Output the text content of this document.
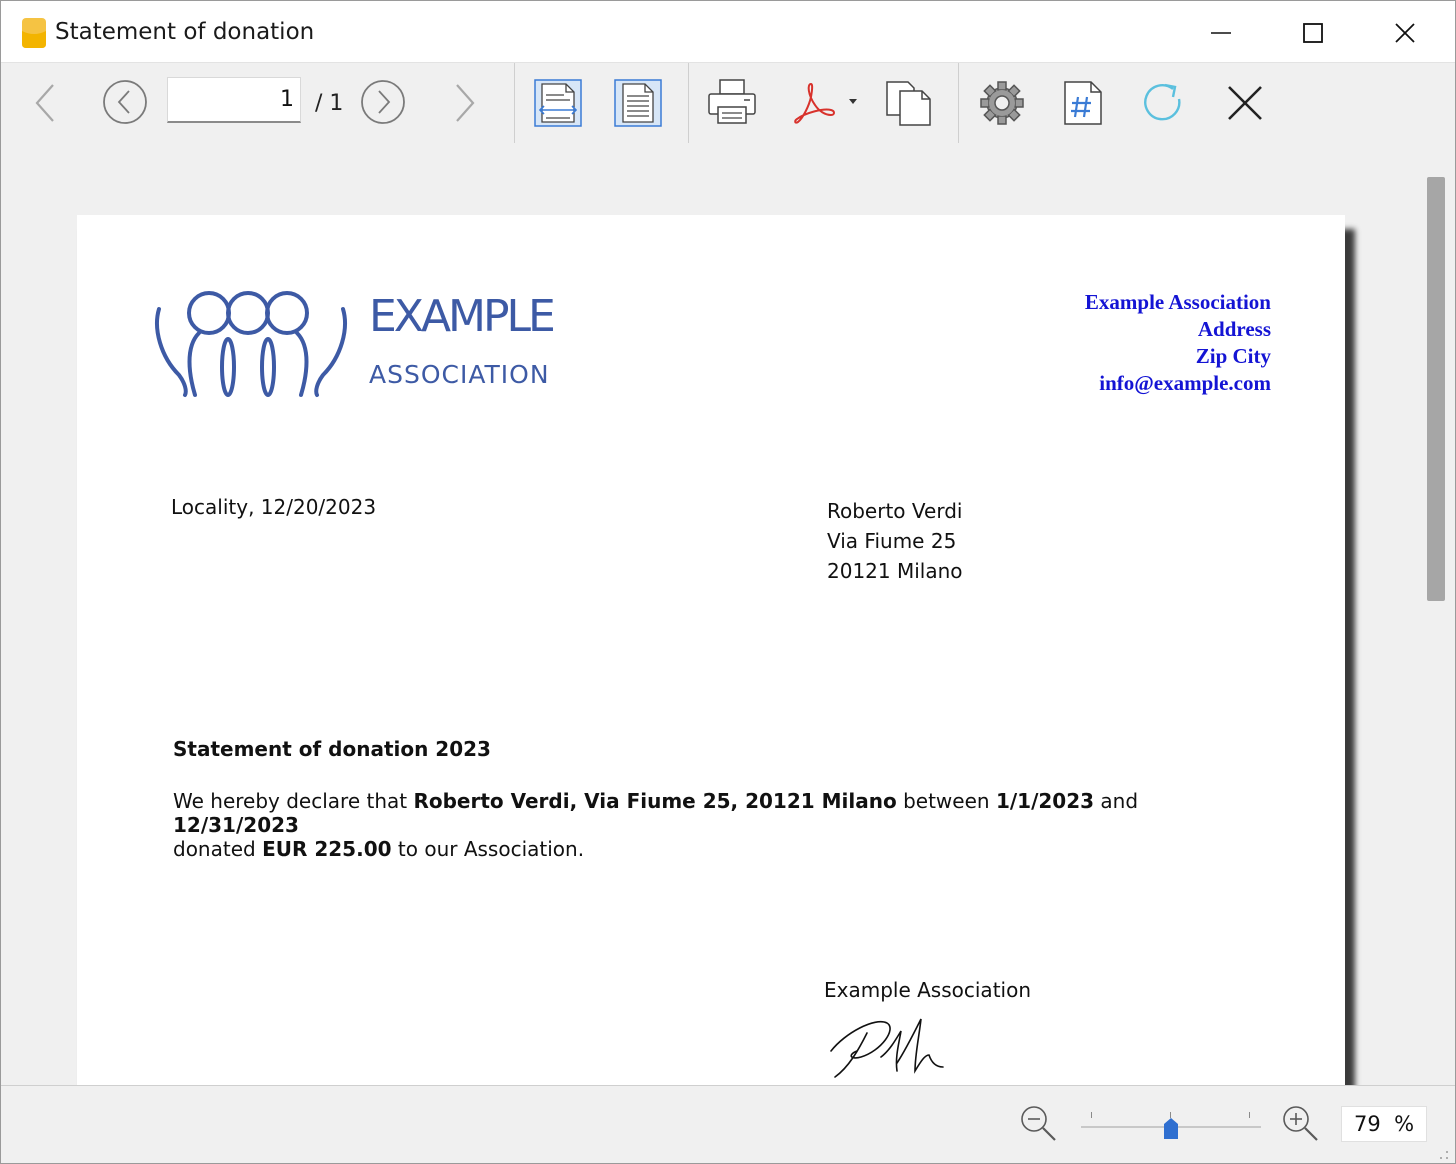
Statement of donation
1 / 1
EXAMPLE
ASSOCIATION
Example Association
Address
Zip City
info@example.com
Locality, 12/20/2023	Roberto Verdi
Via Fiume 25
20121 Milano
Statement of donation 2023
We hereby declare that Roberto Verdi, Via Fiume 25, 20121 Milano between 1/1/2023 and 12/31/2023
donated EUR 225.00 to our Association.
Example Association
79 %
